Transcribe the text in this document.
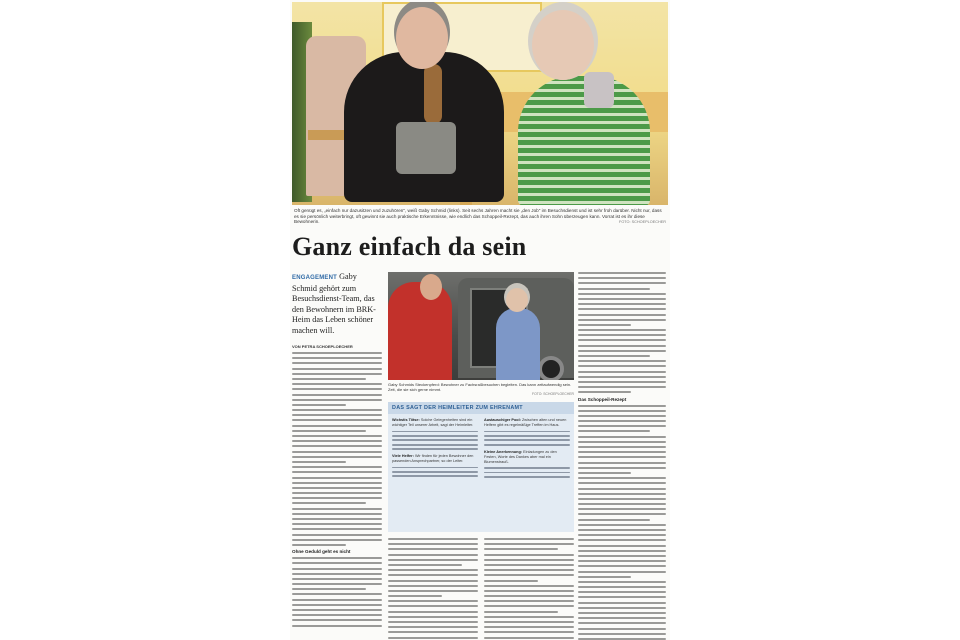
Oft genügt es, „einfach nur dazusitzen und zuzuhören", weiß Gaby Schmid (links). Seit sechs Jahren macht sie „den Job" im Besuchsdienst und ist sehr froh darüber. Nicht nur, dass es sie persönlich weiterbringt, oft gewinnt sie auch praktische Erkenntnisse, wie endlich das Schoppeil-Rezept, das auch ihren Sohn überzeugen kann. Vorrat ist es ihr diese Bewohnerin.	FOTO: SCHOEPLOECHER
Ganz einfach da sein

ENGAGEMENT Gaby Schmid gehört zum Besuchsdienst-Team, das den Bewohnern im BRK-Heim das Leben schöner machen will.

VON PETRA SCHOEPLOECHER

Ohne Geduld geht es nicht

Gaby Schmids Steckenpferd: Bewohner zu Fachsraßbesuchen begleiten. Das kann zeitaufwendig sein. Zeit, die sie sich gerne nimmt.
FOTO: SCHOEPLOECHER
DAS SAGT DER HEIMLEITER ZUM EHRENAMT
Wichstis Tiitse: Solche Gelegenheiten sind ein wichtiger Teil unserer Arbeit, sagt der Heimleiter.
Viele Helfer: Wir finden für jeden Bewohner den passenden Ansprechpartner, so der Leiter.
Austauschiger Pool: Zwischen alten und neuen Helfern gibt es regelmäßige Treffen im Haus.
Kleine Anerkennung: Einladungen zu den Festen, Worte des Dankes aber mal ein Blumenstrauß.

Das Schoppeil-Rezept
